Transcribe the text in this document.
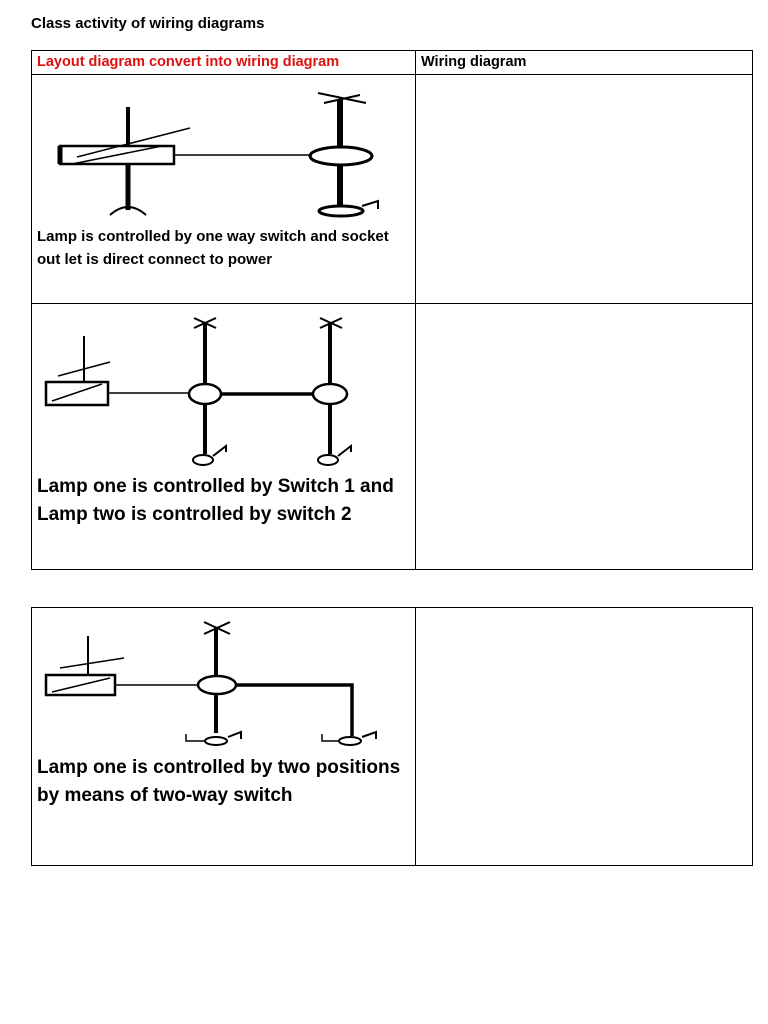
Class activity of wiring diagrams
Layout diagram convert into wiring diagram	Wiring diagram

Lamp is controlled by one way switch and socket out let is direct connect to power	

Lamp one is controlled by Switch 1 and Lamp two is controlled by switch 2	

Lamp one is controlled by two positions by means of two-way switch
